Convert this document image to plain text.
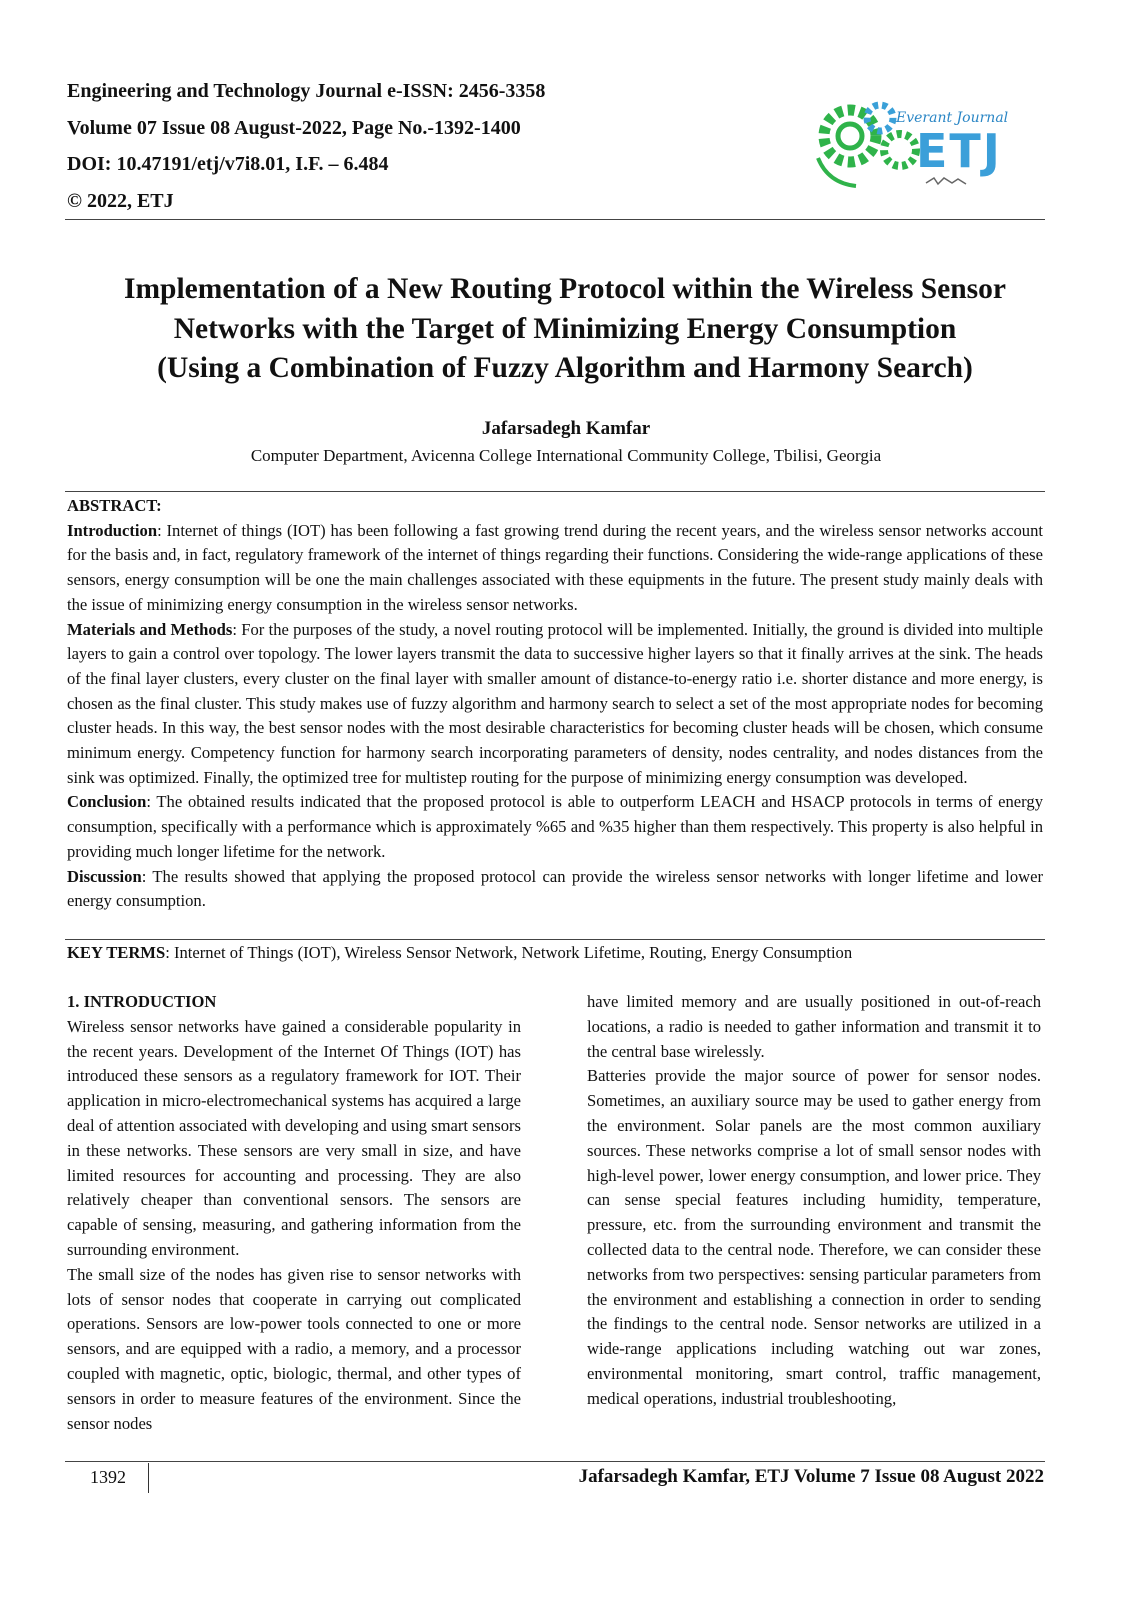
Engineering and Technology Journal e-ISSN: 2456-3358
Volume 07 Issue 08 August-2022, Page No.-1392-1400
DOI: 10.47191/etj/v7i8.01, I.F. – 6.484
© 2022, ETJ
Everant Journal
ETJ
Implementation of a New Routing Protocol within the Wireless Sensor
Networks with the Target of Minimizing Energy Consumption
(Using a Combination of Fuzzy Algorithm and Harmony Search)
Jafarsadegh Kamfar
Computer Department, Avicenna College International Community College, Tbilisi, Georgia

ABSTRACT:

Introduction: Internet of things (IOT) has been following a fast growing trend during the recent years, and the wireless sensor networks account for the basis and, in fact, regulatory framework of the internet of things regarding their functions. Considering the wide-range applications of these sensors, energy consumption will be one the main challenges associated with these equipments in the future. The present study mainly deals with the issue of minimizing energy consumption in the wireless sensor networks.

Materials and Methods: For the purposes of the study, a novel routing protocol will be implemented. Initially, the ground is divided into multiple layers to gain a control over topology. The lower layers transmit the data to successive higher layers so that it finally arrives at the sink. The heads of the final layer clusters, every cluster on the final layer with smaller amount of distance-to-energy ratio i.e. shorter distance and more energy, is chosen as the final cluster. This study makes use of fuzzy algorithm and harmony search to select a set of the most appropriate nodes for becoming cluster heads. In this way, the best sensor nodes with the most desirable characteristics for becoming cluster heads will be chosen, which consume minimum energy. Competency function for harmony search incorporating parameters of density, nodes centrality, and nodes distances from the sink was optimized. Finally, the optimized tree for multistep routing for the purpose of minimizing energy consumption was developed.

Conclusion: The obtained results indicated that the proposed protocol is able to outperform LEACH and HSACP protocols in terms of energy consumption, specifically with a performance which is approximately %65 and %35 higher than them respectively. This property is also helpful in providing much longer lifetime for the network.

Discussion: The results showed that applying the proposed protocol can provide the wireless sensor networks with longer lifetime and lower energy consumption.

KEY TERMS: Internet of Things (IOT), Wireless Sensor Network, Network Lifetime, Routing, Energy Consumption

1. INTRODUCTION

Wireless sensor networks have gained a considerable popularity in the recent years. Development of the Internet Of Things (IOT) has introduced these sensors as a regulatory framework for IOT. Their application in micro-electromechanical systems has acquired a large deal of attention associated with developing and using smart sensors in these networks. These sensors are very small in size, and have limited resources for accounting and processing. They are also relatively cheaper than conventional sensors. The sensors are capable of sensing, measuring, and gathering information from the surrounding environment.

The small size of the nodes has given rise to sensor networks with lots of sensor nodes that cooperate in carrying out complicated operations. Sensors are low-power tools connected to one or more sensors, and are equipped with a radio, a memory, and a processor coupled with magnetic, optic, biologic, thermal, and other types of sensors in order to measure features of the environment. Since the sensor nodes

have limited memory and are usually positioned in out-of-reach locations, a radio is needed to gather information and transmit it to the central base wirelessly.

Batteries provide the major source of power for sensor nodes. Sometimes, an auxiliary source may be used to gather energy from the environment. Solar panels are the most common auxiliary sources. These networks comprise a lot of small sensor nodes with high-level power, lower energy consumption, and lower price. They can sense special features including humidity, temperature, pressure, etc. from the surrounding environment and transmit the collected data to the central node. Therefore, we can consider these networks from two perspectives: sensing particular parameters from the environment and establishing a connection in order to sending the findings to the central node. Sensor networks are utilized in a wide-range applications including watching out war zones, environmental monitoring, smart control, traffic management, medical operations, industrial troubleshooting,

1392	Jafarsadegh Kamfar, ETJ Volume 7 Issue 08 August 2022
